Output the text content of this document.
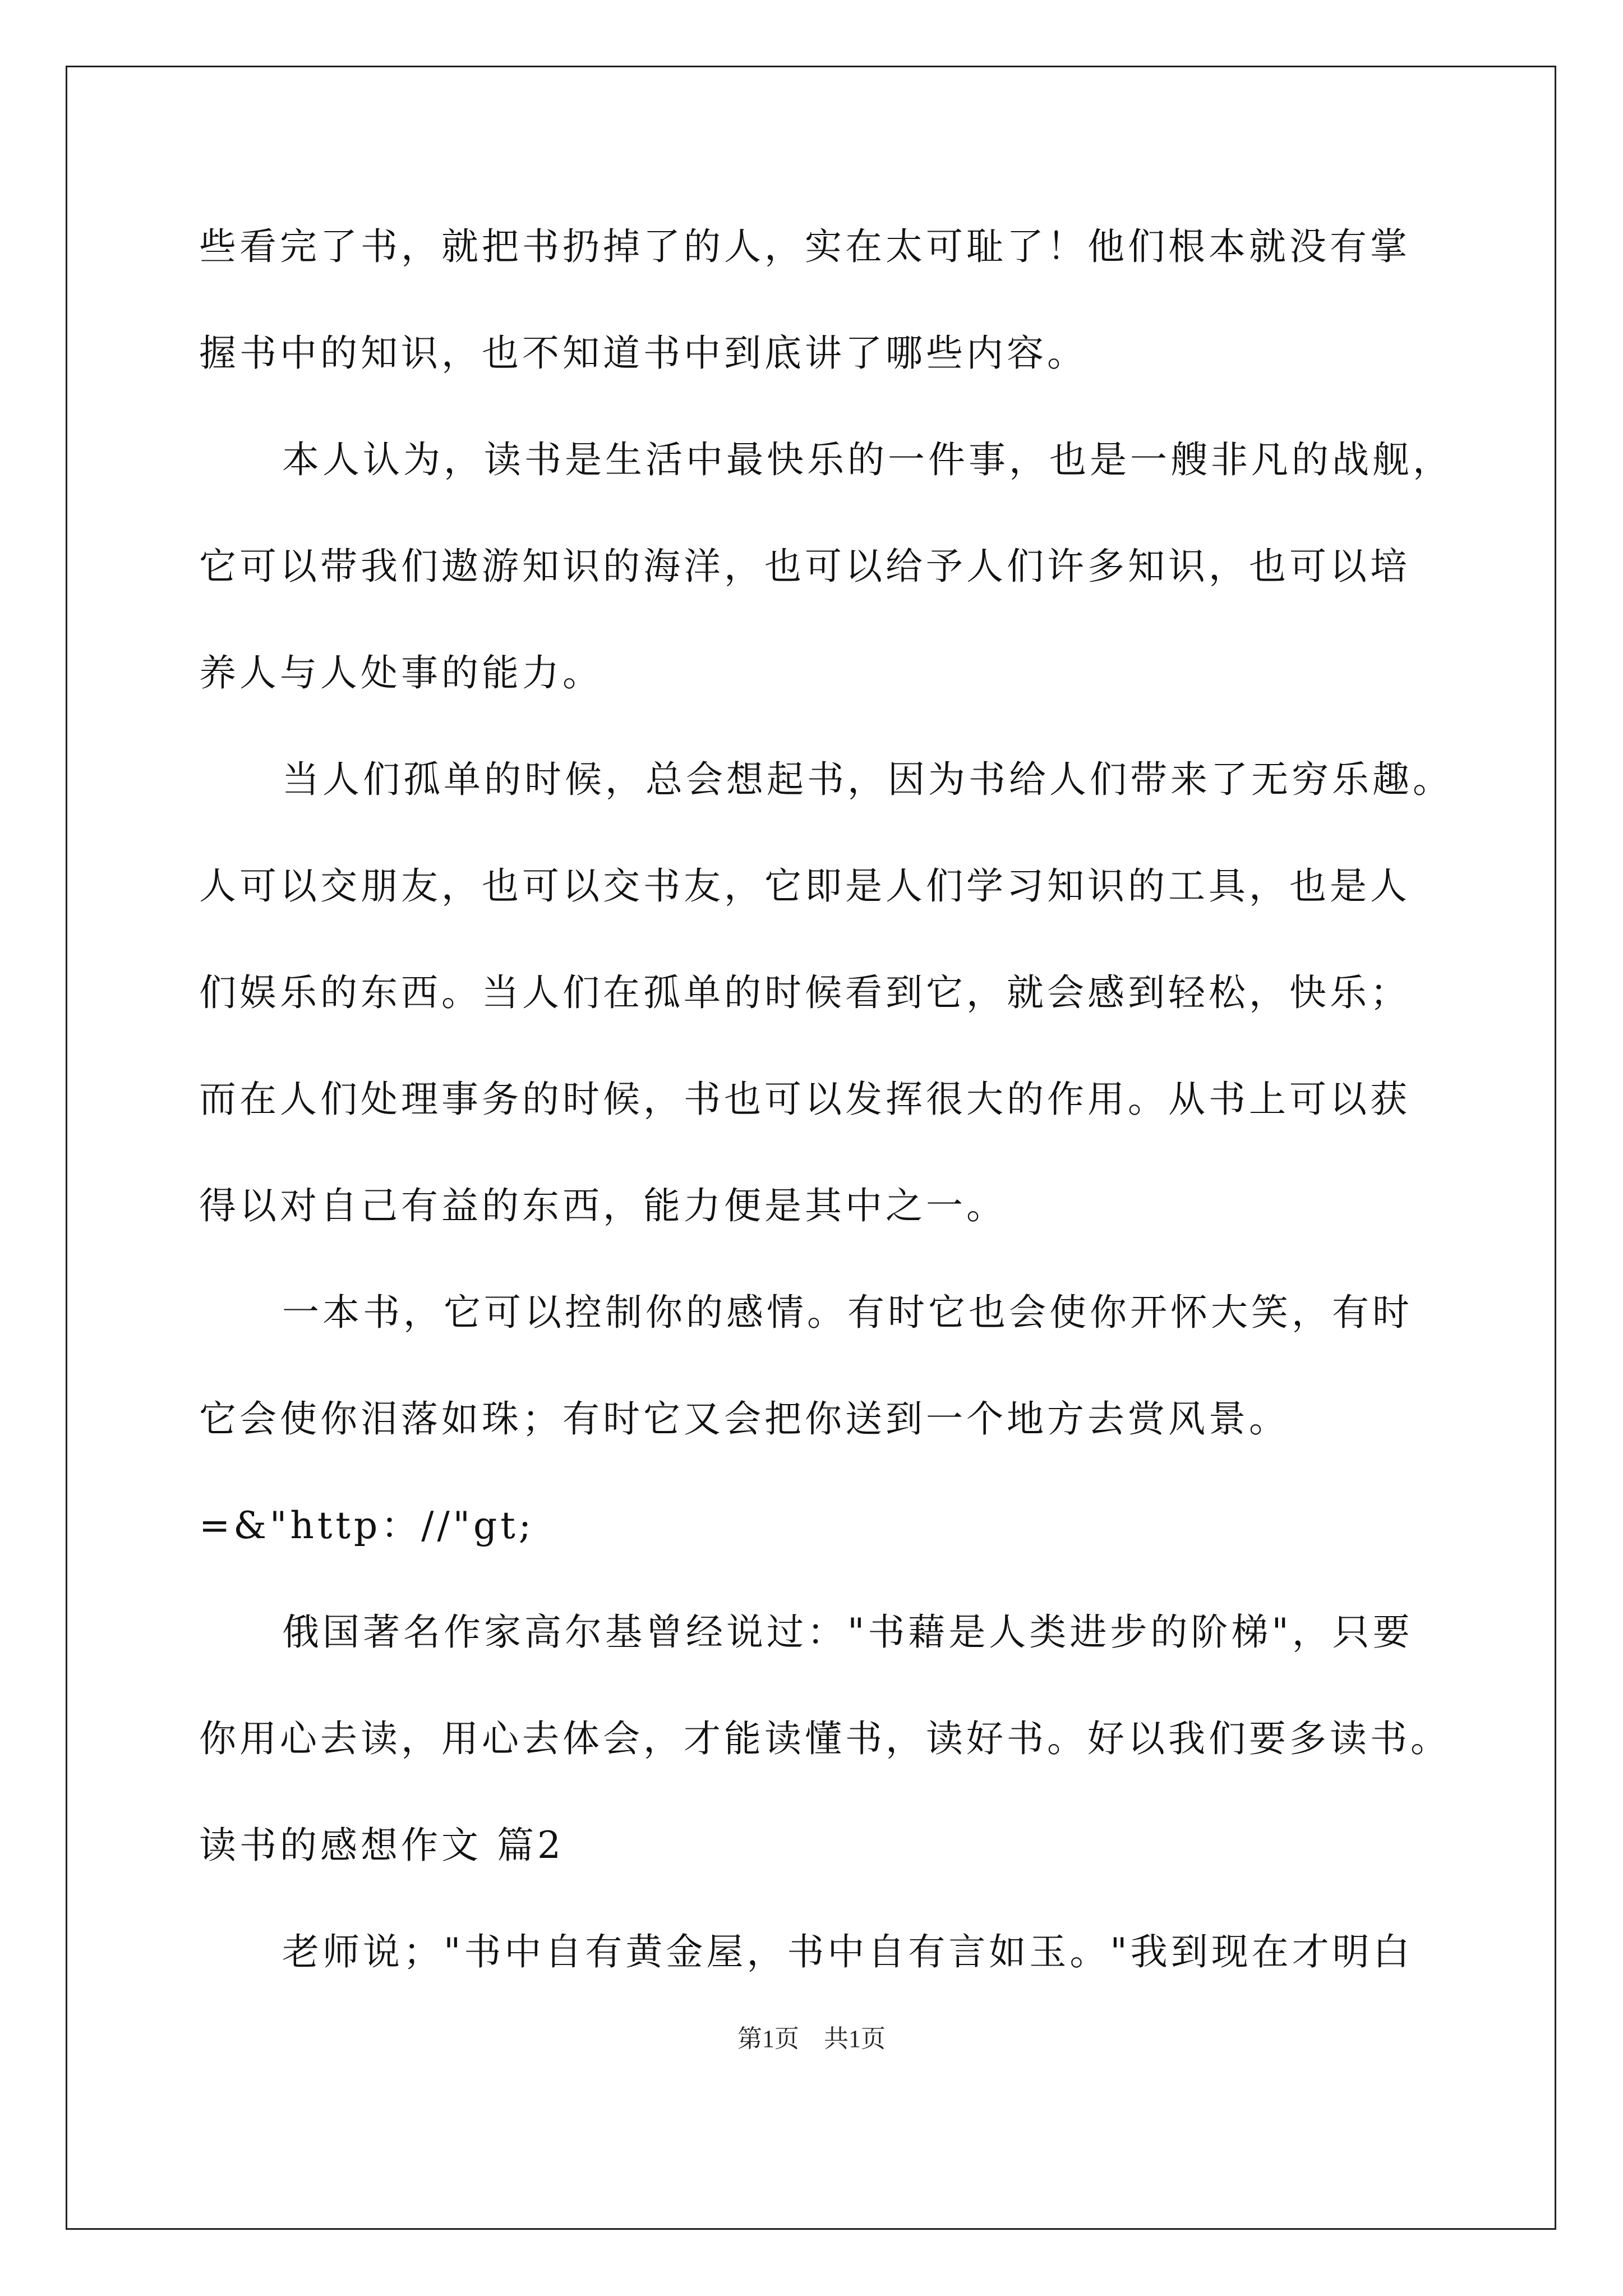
些看完了书，就把书扔掉了的人，实在太可耻了！他们根本就没有掌
握书中的知识，也不知道书中到底讲了哪些内容。
本人认为，读书是生活中最快乐的一件事，也是一艘非凡的战舰，
它可以带我们遨游知识的海洋，也可以给予人们许多知识，也可以培
养人与人处事的能力。
当人们孤单的时候，总会想起书，因为书给人们带来了无穷乐趣。
人可以交朋友，也可以交书友，它即是人们学习知识的工具，也是人
们娱乐的东西。当人们在孤单的时候看到它，就会感到轻松，快乐；
而在人们处理事务的时候，书也可以发挥很大的作用。从书上可以获
得以对自己有益的东西，能力便是其中之一。
一本书，它可以控制你的感情。有时它也会使你开怀大笑，有时
它会使你泪落如珠；有时它又会把你送到一个地方去赏风景。
=&"http：//"gt;
俄国著名作家高尔基曾经说过："书藉是人类进步的阶梯"，只要
你用心去读，用心去体会，才能读懂书，读好书。好以我们要多读书。
读书的感想作文 篇2
老师说；"书中自有黄金屋，书中自有言如玉。"我到现在才明白
第1页　共1页
